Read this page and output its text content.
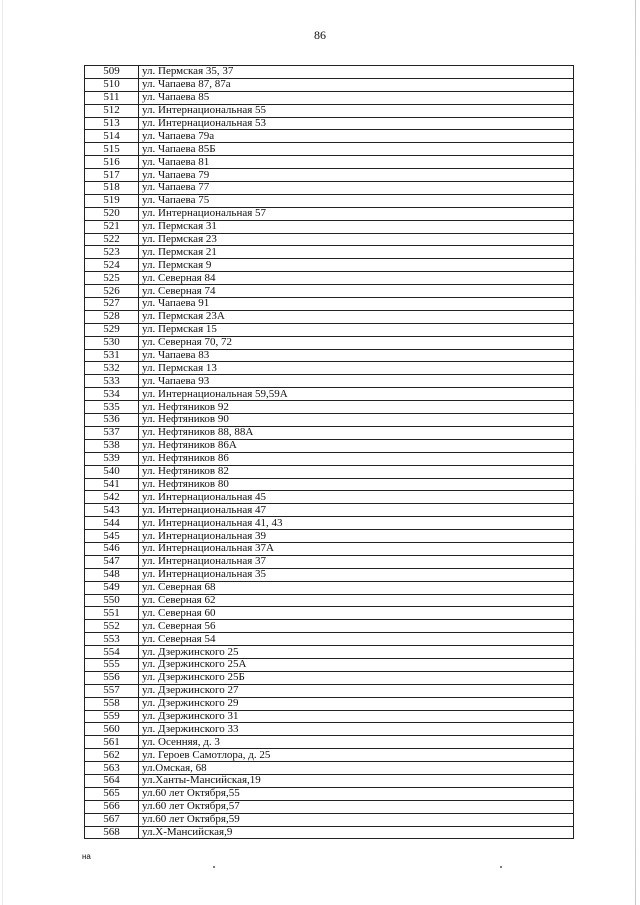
86
509	ул. Пермская 35, 37
510	ул. Чапаева 87, 87а
511	ул. Чапаева 85
512	ул. Интернациональная 55
513	ул. Интернациональная 53
514	ул. Чапаева 79а
515	ул. Чапаева 85Б
516	ул. Чапаева 81
517	ул. Чапаева 79
518	ул. Чапаева 77
519	ул. Чапаева 75
520	ул. Интернациональная 57
521	ул. Пермская 31
522	ул. Пермская 23
523	ул. Пермская 21
524	ул. Пермская 9
525	ул. Северная 84
526	ул. Северная 74
527	ул. Чапаева 91
528	ул. Пермская 23А
529	ул. Пермская 15
530	ул. Северная 70, 72
531	ул. Чапаева 83
532	ул. Пермская 13
533	ул. Чапаева 93
534	ул. Интернациональная 59,59А
535	ул. Нефтяников 92
536	ул. Нефтяников 90
537	ул. Нефтяников 88, 88А
538	ул. Нефтяников 86А
539	ул. Нефтяников 86
540	ул. Нефтяников 82
541	ул. Нефтяников 80
542	ул. Интернациональная 45
543	ул. Интернациональная 47
544	ул. Интернациональная 41, 43
545	ул. Интернациональная 39
546	ул. Интернациональная 37А
547	ул. Интернациональная 37
548	ул. Интернациональная 35
549	ул. Северная 68
550	ул. Северная 62
551	ул. Северная 60
552	ул. Северная 56
553	ул. Северная 54
554	ул. Дзержинского 25
555	ул. Дзержинского 25А
556	ул. Дзержинского 25Б
557	ул. Дзержинского 27
558	ул. Дзержинского 29
559	ул. Дзержинского 31
560	ул. Дзержинского 33
561	ул. Осенняя, д. 3
562	ул. Героев Самотлора, д. 25
563	ул.Омская, 68
564	ул.Ханты-Мансийская,19
565	ул.60 лет Октября,55
566	ул.60 лет Октября,57
567	ул.60 лет Октября,59
568	ул.Х-Мансийская,9
на
